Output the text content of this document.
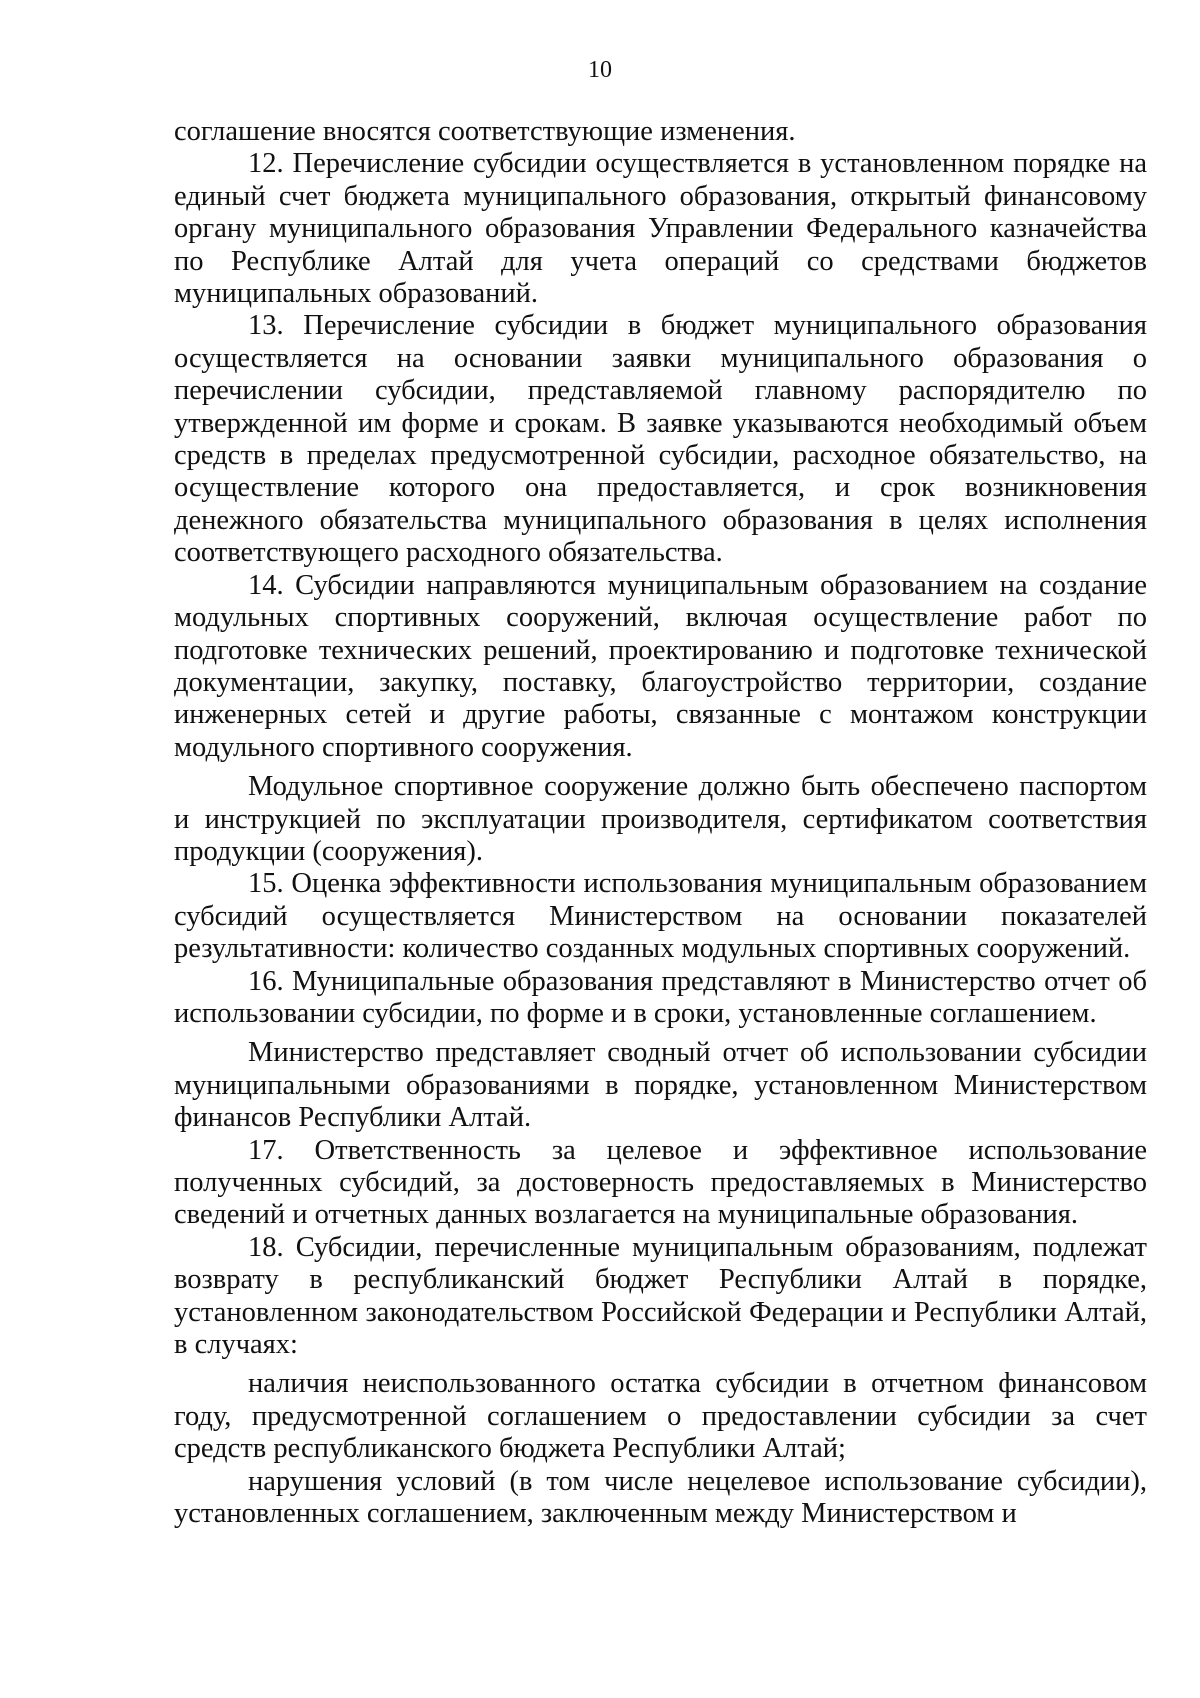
10

соглашение вносятся соответствующие изменения.

12. Перечисление субсидии осуществляется в установленном порядке на единый счет бюджета муниципального образования, открытый финансовому органу муниципального образования Управлении Федерального казначейства по Республике Алтай для учета операций со средствами бюджетов муниципальных образований.

13. Перечисление субсидии в бюджет муниципального образования осуществляется на основании заявки муниципального образования о перечислении субсидии, представляемой главному распорядителю по утвержденной им форме и срокам. В заявке указываются необходимый объем средств в пределах предусмотренной субсидии, расходное обязательство, на осуществление которого она предоставляется, и срок возникновения денежного обязательства муниципального образования в целях исполнения соответствующего расходного обязательства.

14. Субсидии направляются муниципальным образованием на создание модульных спортивных сооружений, включая осуществление работ по подготовке технических решений, проектированию и подготовке технической документации, закупку, поставку, благоустройство территории, создание инженерных сетей и другие работы, связанные с монтажом конструкции модульного спортивного сооружения.

Модульное спортивное сооружение должно быть обеспечено паспортом и инструкцией по эксплуатации производителя, сертификатом соответствия продукции (сооружения).

15. Оценка эффективности использования муниципальным образованием субсидий осуществляется Министерством на основании показателей результативности: количество созданных модульных спортивных сооружений.

16. Муниципальные образования представляют в Министерство отчет об использовании субсидии, по форме и в сроки, установленные соглашением.

Министерство представляет сводный отчет об использовании субсидии муниципальными образованиями в порядке, установленном Министерством финансов Республики Алтай.

17. Ответственность за целевое и эффективное использование полученных субсидий, за достоверность предоставляемых в Министерство сведений и отчетных данных возлагается на муниципальные образования.

18. Субсидии, перечисленные муниципальным образованиям, подлежат возврату в республиканский бюджет Республики Алтай в порядке, установленном законодательством Российской Федерации и Республики Алтай, в случаях:

наличия неиспользованного остатка субсидии в отчетном финансовом году, предусмотренной соглашением о предоставлении субсидии за счет средств республиканского бюджета Республики Алтай;

нарушения условий (в том числе нецелевое использование субсидии), установленных соглашением, заключенным между Министерством и
